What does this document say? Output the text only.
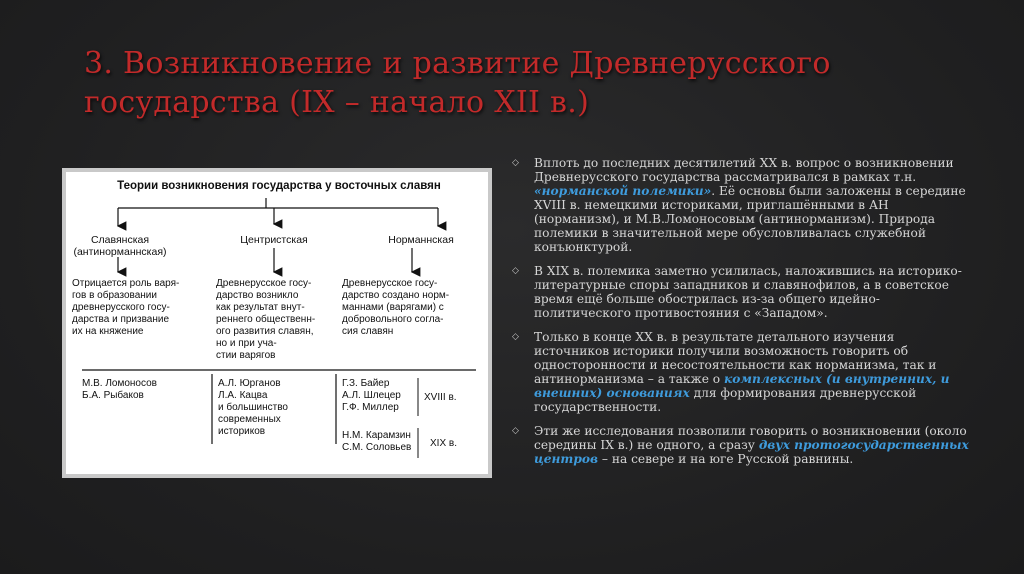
3. Возникновение и развитие Древнерусского
государства (IX – начало XII в.)
Теории возникновения государства у восточных славян
Славянская
(антинорманнская)
Отрицается роль варя-
гов в образовании
древнерусского госу-
дарства и призвание
их на княжение
М.В. Ломоносов
Б.А. Рыбаков
Центристская
Древнерусское госу-
дарство возникло
как результат внут-
реннего общественн-
ого развития славян,
но и при уча-
стии варягов
А.Л. Юрганов
Л.А. Кацва
и большинство
современных
историков
Норманнская
Древнерусское госу-
дарство создано норм-
маннами (варягами) с
добровольного согла-
сия славян
Г.З. Байер
А.Л. Шлецер
Г.Ф. Миллер
XVIII в.
Н.М. Карамзин
С.М. Соловьев XIX в.
◇ Вплоть до последних десятилетий XX в. вопрос о возникновении Древнерусского государства рассматривался в рамках т.н. «норманской полемики». Её основы были заложены в середине XVIII в. немецкими историками, приглашёнными в АН (норманизм), и М.В.Ломоносовым (антинорманизм). Природа полемики в значительной мере обусловливалась служебной конъюнктурой.
◇ В XIX в. полемика заметно усилилась, наложившись на историко-литературные споры западников и славянофилов, а в советское время ещё больше обострилась из-за общего идейно-политического противостояния с «Западом».
◇ Только в конце XX в. в результате детального изучения источников историки получили возможность говорить об односторонности и несостоятельности как норманизма, так и антинорманизма – а также о комплексных (и внутренних, и внешних) основаниях для формирования древнерусской государственности.
◇ Эти же исследования позволили говорить о возникновении (около середины IX в.) не одного, а сразу двух протогосударственных центров – на севере и на юге Русской равнины.
